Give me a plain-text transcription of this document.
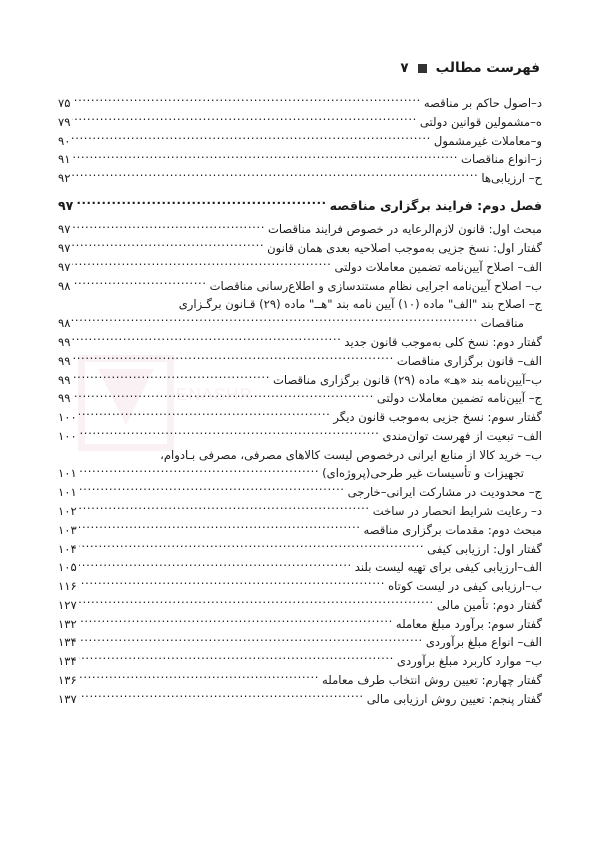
ENASHR
فهرست مطالب
۷
د–اصول حاکم بر مناقصه
.....
۷۵
ه–مشمولین قوانین دولتی
.....
۷۹
و–معاملات غیرمشمول
.....
۹۰
ز–انواع مناقصات
.....
۹۱
ح– ارزیابی‌ها
.....
۹۲
فصل دوم: فرایند برگزاری مناقصه
.....
۹۷
مبحث اول: قانون لازم‌الرعایه در خصوص فرایند مناقصات
.....
۹۷
گفتار اول: نسخ جزیی بەموجب اصلاحیه بعدی همان قانون
.....
۹۷
الف– اصلاح آیین‌نامه تضمین معاملات دولتی
.....
۹۷
ب– اصلاح آیین‌نامه اجرایی نظام مستندسازی و اطلاع‌رسانی مناقصات
.....
۹۸
ج– اصلاح بند "الف" ماده (۱۰) آیین نامه بند "هــ" ماده (۲۹) قـانون برگـزاری
مناقصات
.....
۹۸
گفتار دوم: نسخ کلی بەموجب قانون جدید
.....
۹۹
الف– قانون برگزاری مناقصات
.....
۹۹
ب–آیین‌نامه بند «هـ» ماده (۲۹) قانون برگزاری مناقصات
.....
۹۹
ج– آیین‌نامە تضمین معاملات دولتی
.....
۹۹
گفتار سوم: نسخ جزیی بەموجب قانون دیگر
.....
۱۰۰
الف– تبعیت از فهرست توان‌مندی
.....
۱۰۰
ب– خرید کالا از منابع ایرانی درخصوص لیست کالاهای مصرفی، مصرفی بـادوام،
تجهیزات و تأسیسات غیر طرحی(پروژەای)
.....
۱۰۱
ج– محدودیت در مشارکت ایرانی–خارجی
.....
۱۰۱
د– رعایت شرایط انحصار در ساخت
.....
۱۰۲
مبحث دوم: مقدمات برگزاری مناقصه
.....
۱۰۳
گفتار اول: ارزیابی کیفی
.....
۱۰۴
الف–ارزیابی کیفی برای تهیه لیست بلند
.....
۱۰۵
ب–ارزیابی کیفی در لیست کوتاه
.....
۱۱۶
گفتار دوم: تأمین مالی
.....
۱۲۷
گفتار سوم: برآورد مبلغ معامله
.....
۱۳۲
الف– انواع مبلغ برآوردی
.....
۱۳۴
ب– موارد کاربرد مبلغ برآوردی
.....
۱۳۴
گفتار چهارم: تعیین روش انتخاب طرف معامله
.....
۱۳۶
گفتار پنجم: تعیین روش ارزیابی مالی
.....
۱۳۷
